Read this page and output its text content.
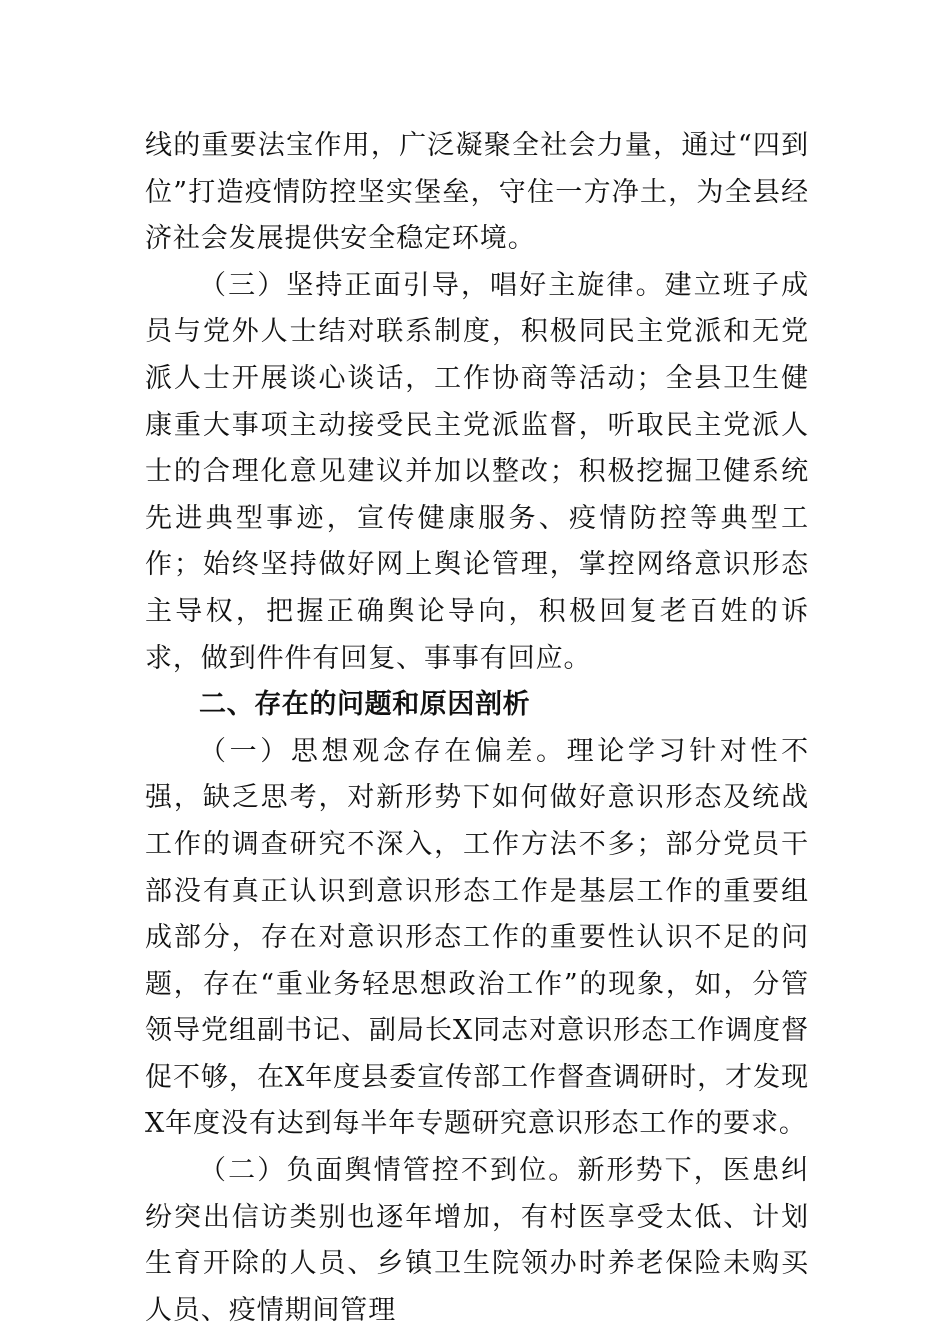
线的重要法宝作用，广泛凝聚全社会力量，通过“四到位”打造疫情防控坚实堡垒，守住一方净土，为全县经济社会发展提供安全稳定环境。

（三）坚持正面引导，唱好主旋律。建立班子成员与党外人士结对联系制度，积极同民主党派和无党派人士开展谈心谈话，工作协商等活动；全县卫生健康重大事项主动接受民主党派监督，听取民主党派人士的合理化意见建议并加以整改；积极挖掘卫健系统先进典型事迹，宣传健康服务、疫情防控等典型工作；始终坚持做好网上舆论管理，掌控网络意识形态主导权，把握正确舆论导向，积极回复老百姓的诉求，做到件件有回复、事事有回应。

二、存在的问题和原因剖析

（一）思想观念存在偏差。理论学习针对性不强，缺乏思考，对新形势下如何做好意识形态及统战工作的调查研究不深入，工作方法不多；部分党员干部没有真正认识到意识形态工作是基层工作的重要组成部分，存在对意识形态工作的重要性认识不足的问题，存在“重业务轻思想政治工作”的现象，如，分管领导党组副书记、副局长X同志对意识形态工作调度督促不够，在X年度县委宣传部工作督查调研时，才发现X年度没有达到每半年专题研究意识形态工作的要求。

（二）负面舆情管控不到位。新形势下，医患纠纷突出信访类别也逐年增加，有村医享受太低、计划生育开除的人员、乡镇卫生院领办时养老保险未购买人员、疫情期间管理
